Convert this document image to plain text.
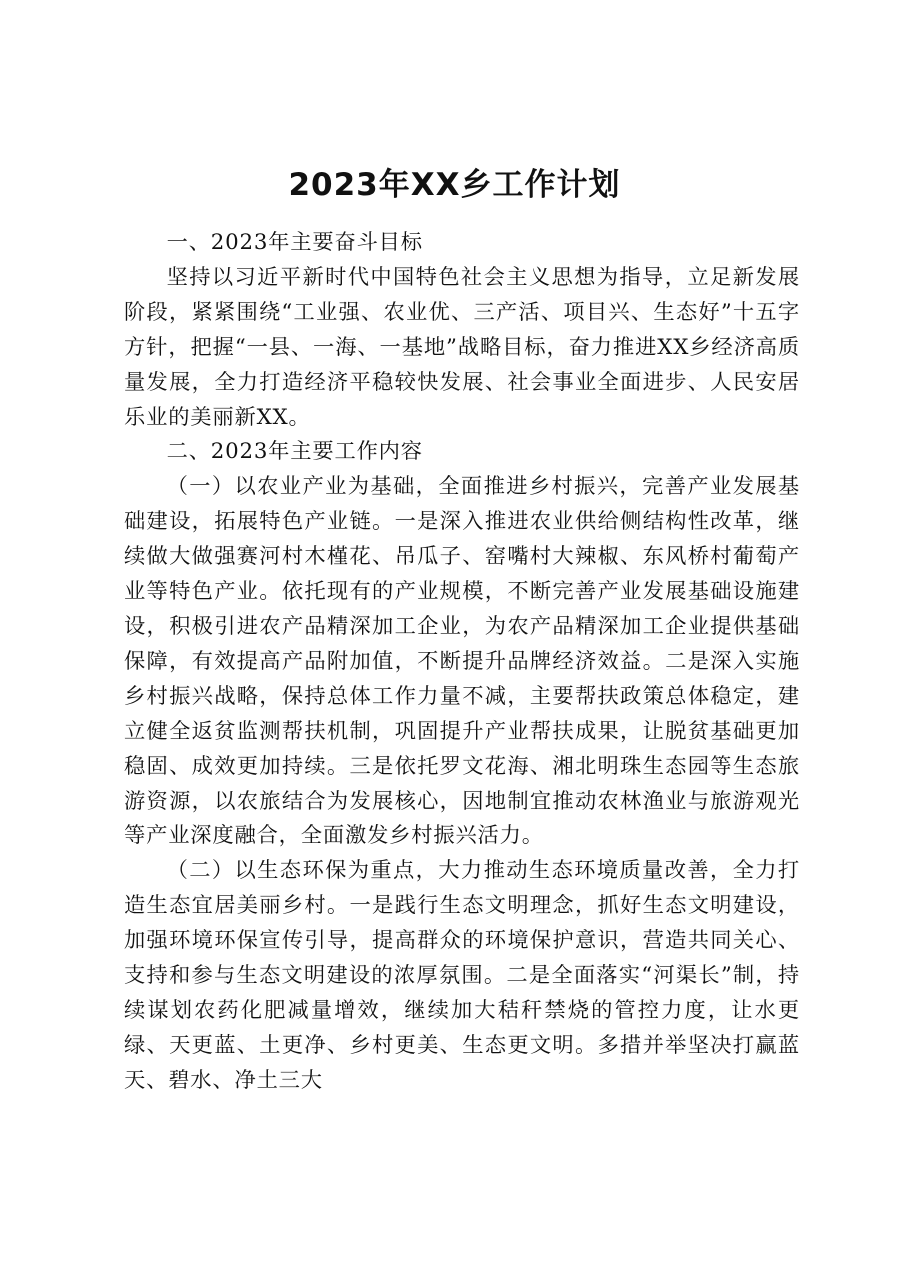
2023年XX乡工作计划

一、2023年主要奋斗目标

坚持以习近平新时代中国特色社会主义思想为指导，立足新发展阶段，紧紧围绕“工业强、农业优、三产活、项目兴、生态好”十五字方针，把握“一县、一海、一基地”战略目标，奋力推进XX乡经济高质量发展，全力打造经济平稳较快发展、社会事业全面进步、人民安居乐业的美丽新XX。

二、2023年主要工作内容

（一）以农业产业为基础，全面推进乡村振兴，完善产业发展基础建设，拓展特色产业链。一是深入推进农业供给侧结构性改革，继续做大做强赛河村木槿花、吊瓜子、窑嘴村大辣椒、东风桥村葡萄产业等特色产业。依托现有的产业规模，不断完善产业发展基础设施建设，积极引进农产品精深加工企业，为农产品精深加工企业提供基础保障，有效提高产品附加值，不断提升品牌经济效益。二是深入实施乡村振兴战略，保持总体工作力量不减，主要帮扶政策总体稳定，建立健全返贫监测帮扶机制，巩固提升产业帮扶成果，让脱贫基础更加稳固、成效更加持续。三是依托罗文花海、湘北明珠生态园等生态旅游资源，以农旅结合为发展核心，因地制宜推动农林渔业与旅游观光等产业深度融合，全面激发乡村振兴活力。

（二）以生态环保为重点，大力推动生态环境质量改善，全力打造生态宜居美丽乡村。一是践行生态文明理念，抓好生态文明建设，加强环境环保宣传引导，提高群众的环境保护意识，营造共同关心、支持和参与生态文明建设的浓厚氛围。二是全面落实“河渠长”制，持续谋划农药化肥减量增效，继续加大秸秆禁烧的管控力度，让水更绿、天更蓝、土更净、乡村更美、生态更文明。多措并举坚决打赢蓝天、碧水、净土三大
